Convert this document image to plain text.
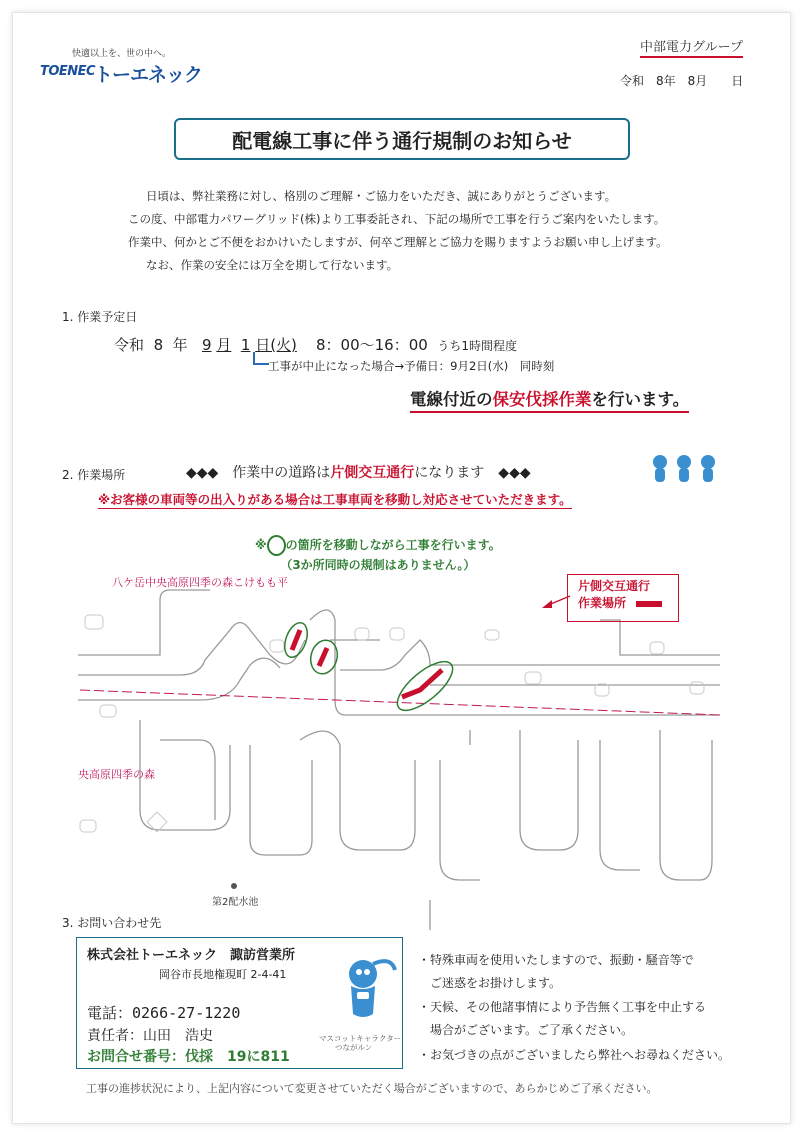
快適以上を、世の中へ。
TOENEC
トーエネック
中部電力グループ
令和　8年　8月　　日
配電線工事に伴う通行規制のお知らせ
日頃は、弊社業務に対し、格別のご理解・ご協力をいただき、誠にありがとうございます。
この度、中部電力パワーグリッド(株)より工事委託され、下記の場所で工事を行うご案内をいたします。
作業中、何かとご不便をおかけいたしますが、何卒ご理解とご協力を賜りますようお願い申し上げます。
なお、作業の安全には万全を期して行ないます。
1. 作業予定日
令和 8 年 9 月 1 日(火) 8：00～16：00 うち1時間程度
工事が中止になった場合→予備日：9月2日(水)　同時刻
電線付近の保安伐採作業を行います。
2. 作業場所	◆◆◆　作業中の道路は片側交互通行になります　◆◆◆
※お客様の車両等の出入りがある場合は工事車両を移動し対応させていただきます。
※ の箇所を移動しながら工事を行います。
（3か所同時の規制はありません。）
八ケ岳中央高原四季の森こけもも平
央高原四季の森
第2配水池
片側交互通行
作業場所
3. お問い合わせ先
株式会社トーエネック　諏訪営業所
岡谷市長地権現町 2-4-41
電話：0266-27-1220
責任者：山田　浩史
お問合せ番号：伐採　19に811
マスコットキャラクター
つながルン
・特殊車両を使用いたしますので、振動・騒音等で
　ご迷惑をお掛けします。
・天候、その他諸事情により予告無く工事を中止する
　場合がございます。ご了承ください。
・お気づきの点がございましたら弊社へお尋ねください。
工事の進捗状況により、上記内容について変更させていただく場合がございますので、あらかじめご了承ください。
